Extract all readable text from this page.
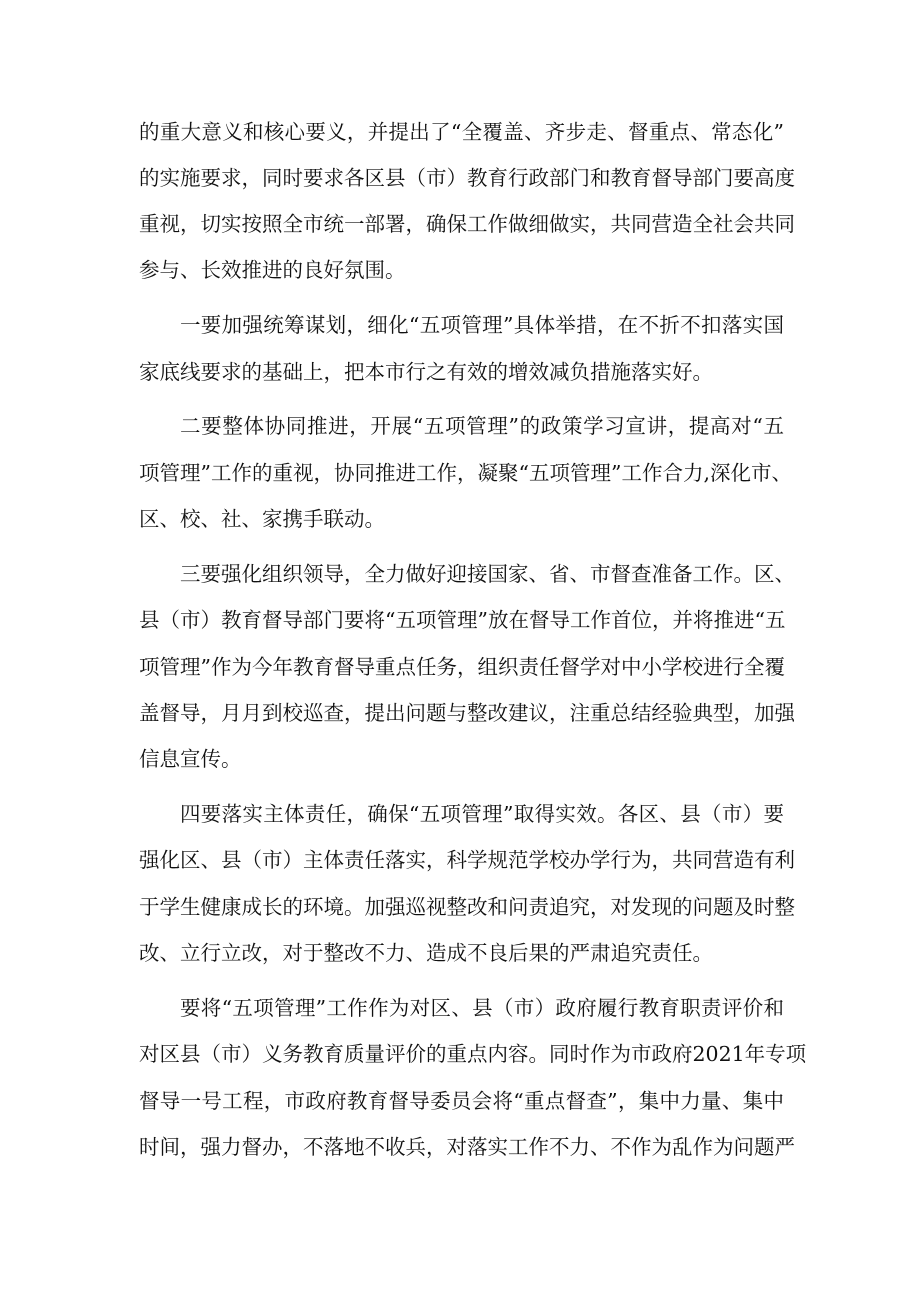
的重大意义和核心要义，并提出了“全覆盖、齐步走、督重点、常态化”
的实施要求，同时要求各区县（市）教育行政部门和教育督导部门要高度
重视，切实按照全市统一部署，确保工作做细做实，共同营造全社会共同
参与、长效推进的良好氛围。
一要加强统筹谋划，细化“五项管理”具体举措，在不折不扣落实国
家底线要求的基础上，把本市行之有效的增效减负措施落实好。
二要整体协同推进，开展“五项管理”的政策学习宣讲，提高对“五
项管理”工作的重视，协同推进工作，凝聚“五项管理”工作合力,深化市、
区、校、社、家携手联动。
三要强化组织领导，全力做好迎接国家、省、市督查准备工作。区、
县（市）教育督导部门要将“五项管理”放在督导工作首位，并将推进“五
项管理”作为今年教育督导重点任务，组织责任督学对中小学校进行全覆
盖督导，月月到校巡查，提出问题与整改建议，注重总结经验典型，加强
信息宣传。
四要落实主体责任，确保“五项管理”取得实效。各区、县（市）要
强化区、县（市）主体责任落实，科学规范学校办学行为，共同营造有利
于学生健康成长的环境。加强巡视整改和问责追究，对发现的问题及时整
改、立行立改，对于整改不力、造成不良后果的严肃追究责任。
要将“五项管理”工作作为对区、县（市）政府履行教育职责评价和
对区县（市）义务教育质量评价的重点内容。同时作为市政府2021年专项
督导一号工程，市政府教育督导委员会将“重点督查”，集中力量、集中
时间，强力督办，不落地不收兵，对落实工作不力、不作为乱作为问题严
